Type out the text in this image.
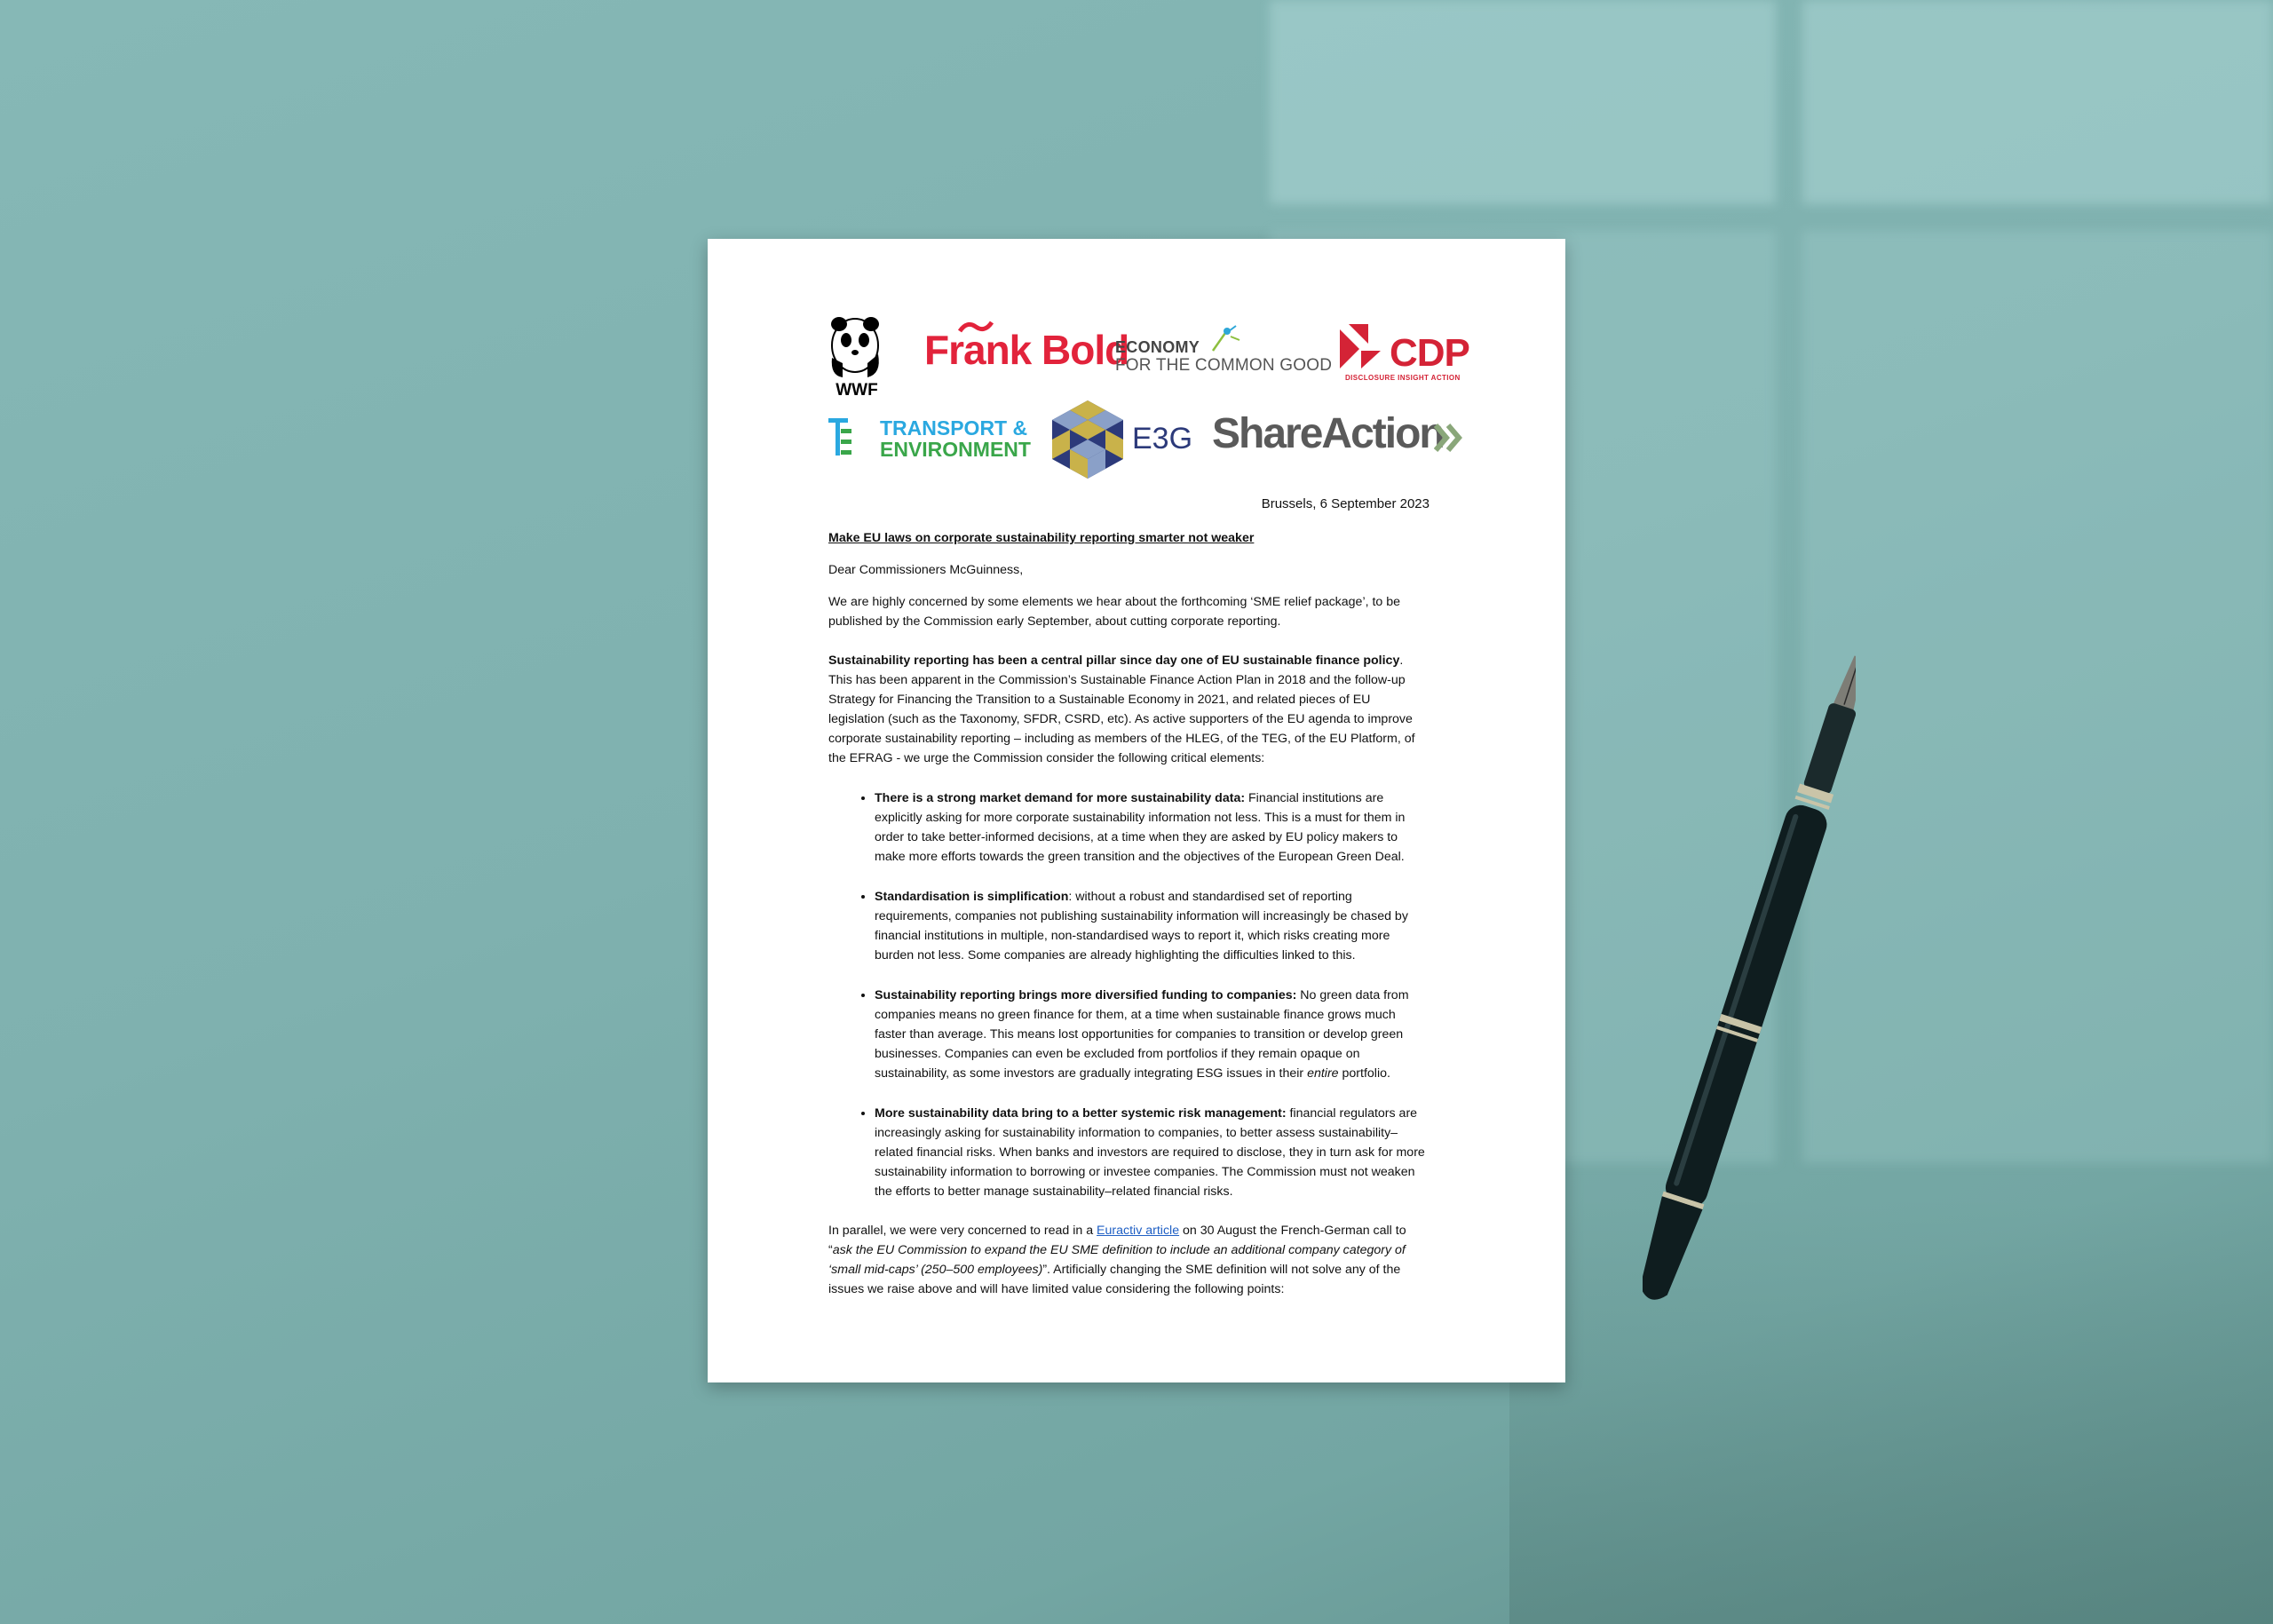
WWF
Frank Bold
ECONOMY
FOR THE COMMON GOOD CDP
DISCLOSURE INSIGHT ACTION
TRANSPORT &
ENVIRONMENT	E3G ShareAction
Brussels, 6 September 2023

Make EU laws on corporate sustainability reporting smarter not weaker

Dear Commissioners McGuinness,

We are highly concerned by some elements we hear about the forthcoming ‘SME relief package’, to be published by the Commission early September, about cutting corporate reporting.

Sustainability reporting has been a central pillar since day one of EU sustainable finance policy. This has been apparent in the Commission’s Sustainable Finance Action Plan in 2018 and the follow-up Strategy for Financing the Transition to a Sustainable Economy in 2021, and related pieces of EU legislation (such as the Taxonomy, SFDR, CSRD, etc). As active supporters of the EU agenda to improve corporate sustainability reporting – including as members of the HLEG, of the TEG, of the EU Platform, of the EFRAG - we urge the Commission consider the following critical elements:

• There is a strong market demand for more sustainability data: Financial institutions are explicitly asking for more corporate sustainability information not less. This is a must for them in order to take better-informed decisions, at a time when they are asked by EU policy makers to make more efforts towards the green transition and the objectives of the European Green Deal.
• Standardisation is simplification: without a robust and standardised set of reporting requirements, companies not publishing sustainability information will increasingly be chased by financial institutions in multiple, non-standardised ways to report it, which risks creating more burden not less. Some companies are already highlighting the difficulties linked to this.
• Sustainability reporting brings more diversified funding to companies: No green data from companies means no green finance for them, at a time when sustainable finance grows much faster than average. This means lost opportunities for companies to transition or develop green businesses. Companies can even be excluded from portfolios if they remain opaque on sustainability, as some investors are gradually integrating ESG issues in their entire portfolio.
• More sustainability data bring to a better systemic risk management: financial regulators are increasingly asking for sustainability information to companies, to better assess sustainability–related financial risks. When banks and investors are required to disclose, they in turn ask for more sustainability information to borrowing or investee companies. The Commission must not weaken the efforts to better manage sustainability–related financial risks.

In parallel, we were very concerned to read in a Euractiv article on 30 August the French-German call to “ask the EU Commission to expand the EU SME definition to include an additional company category of ‘small mid-caps’ (250–500 employees)”. Artificially changing the SME definition will not solve any of the issues we raise above and will have limited value considering the following points:
